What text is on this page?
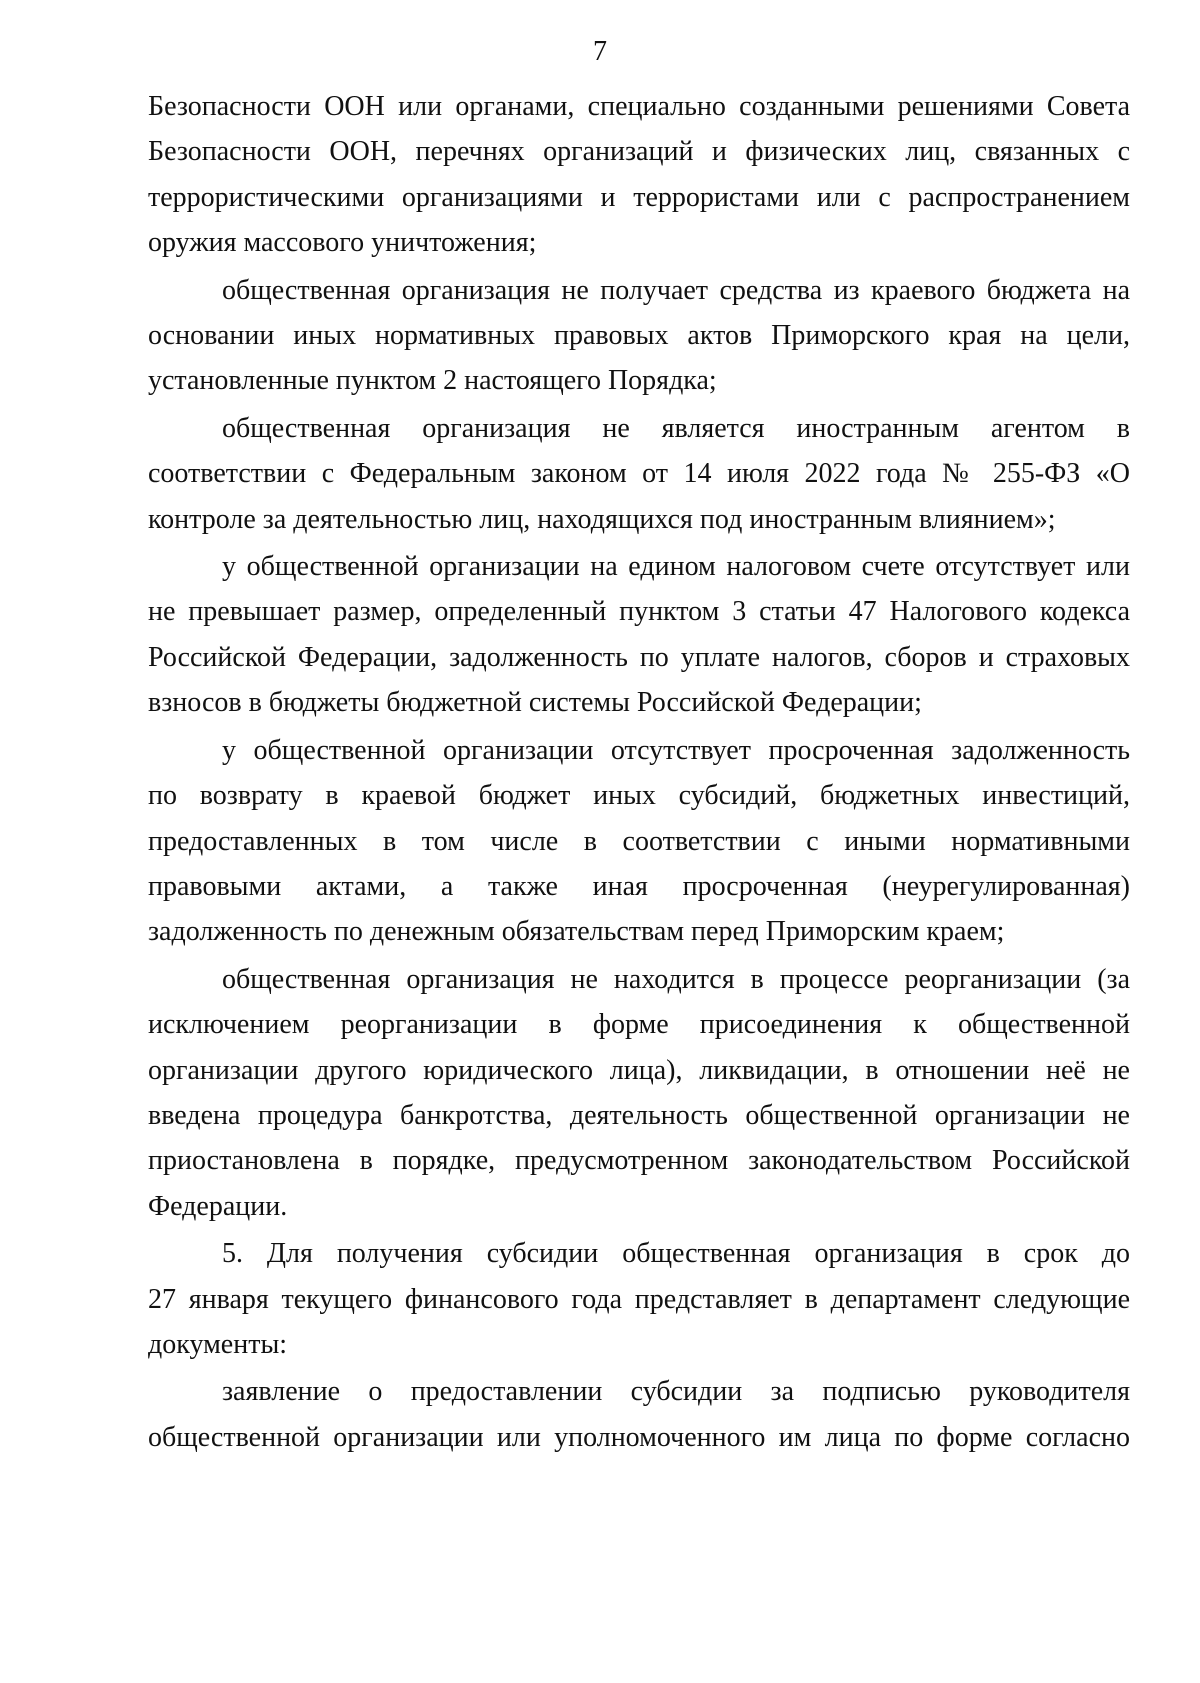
7
Безопасности ООН или органами, специально созданными решениями Совета
Безопасности ООН, перечнях организаций и физических лиц, связанных с
террористическими организациями и террористами или с распространением
оружия массового уничтожения;
общественная организация не получает средства из краевого бюджета на
основании иных нормативных правовых актов Приморского края на цели,
установленные пунктом 2 настоящего Порядка;
общественная организация не является иностранным агентом в
соответствии с Федеральным законом от 14 июля 2022 года № 255-ФЗ «О
контроле за деятельностью лиц, находящихся под иностранным влиянием»;
у общественной организации на едином налоговом счете отсутствует или
не превышает размер, определенный пунктом 3 статьи 47 Налогового кодекса
Российской Федерации, задолженность по уплате налогов, сборов и страховых
взносов в бюджеты бюджетной системы Российской Федерации;
у общественной организации отсутствует просроченная задолженность
по возврату в краевой бюджет иных субсидий, бюджетных инвестиций,
предоставленных в том числе в соответствии с иными нормативными
правовыми актами, а также иная просроченная (неурегулированная)
задолженность по денежным обязательствам перед Приморским краем;
общественная организация не находится в процессе реорганизации (за
исключением реорганизации в форме присоединения к общественной
организации другого юридического лица), ликвидации, в отношении неё не
введена процедура банкротства, деятельность общественной организации не
приостановлена в порядке, предусмотренном законодательством Российской
Федерации.
5. Для получения субсидии общественная организация в срок до
27 января текущего финансового года представляет в департамент следующие
документы:
заявление о предоставлении субсидии за подписью руководителя
общественной организации или уполномоченного им лица по форме согласно
